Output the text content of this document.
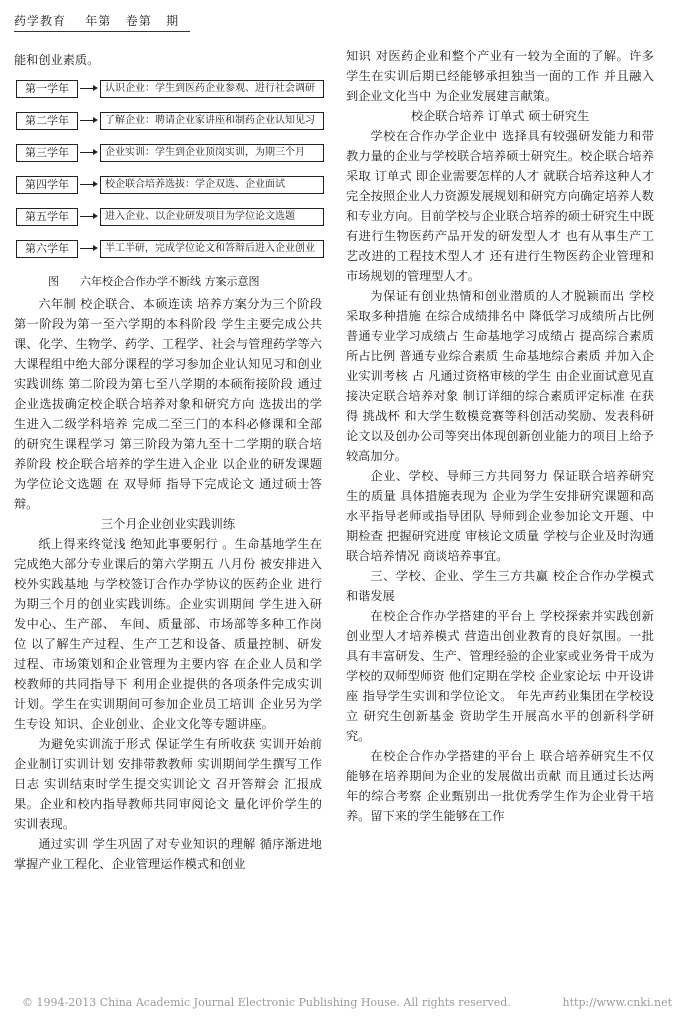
药学教育    年第   卷第   期

能和创业素质。

第一学年	认识企业：学生到医药企业参观、进行社会调研
第二学年	了解企业：聘请企业家讲座和制药企业认知见习
第三学年	企业实训：学生到企业顶岗实训，为期三个月
第四学年	校企联合培养选拔：学企双选、企业面试
第五学年	进入企业、以企业研发项目为学位论文选题
第六学年	半工半研，完成学位论文和答辩后进入企业创业
图      六年校企合作办学不断线 方案示意图

六年制 校企联合、本硕连读 培养方案分为三个阶段 第一阶段为第一至六学期的本科阶段 学生主要完成公共课、化学、生物学、药学、工程学、社会与管理药学等六大课程组中绝大部分课程的学习参加企业认知见习和创业实践训练 第二阶段为第七至八学期的本硕衔接阶段 通过企业选拔确定校企联合培养对象和研究方向 选拔出的学生进入二级学科培养 完成二至三门的本科必修课和全部的研究生课程学习 第三阶段为第九至十二学期的联合培养阶段 校企联合培养的学生进入企业 以企业的研发课题为学位论文选题 在 双导师 指导下完成论文 通过硕士答辩。

三个月企业创业实践训练

纸上得来终觉浅 绝知此事要躬行 。生命基地学生在完成绝大部分专业课后的第六学期五 八月份 被安排进入校外实践基地 与学校签订合作办学协议的医药企业 进行为期三个月的创业实践训练。企业实训期间 学生进入研发中心、生产部、 车间、质量部、市场部等多种工作岗位 以了解生产过程、生产工艺和设备、质量控制、研发过程、市场策划和企业管理为主要内容 在企业人员和学校教师的共同指导下 利用企业提供的各项条件完成实训计划。学生在实训期间可参加企业员工培训 企业另为学生专设 知识、企业创业、企业文化等专题讲座。

为避免实训流于形式 保证学生有所收获 实训开始前 企业制订实训计划 安排带教教师 实训期间学生撰写工作日志 实训结束时学生提交实训论文 召开答辩会 汇报成果。企业和校内指导教师共同审阅论文 量化评价学生的实训表现。

通过实训 学生巩固了对专业知识的理解 循序渐进地掌握产业工程化、企业管理运作模式和创业

知识 对医药企业和整个产业有一较为全面的了解。许多学生在实训后期已经能够承担独当一面的工作 并且融入到企业文化当中 为企业发展建言献策。

校企联合培养 订单式 硕士研究生

学校在合作办学企业中 选择具有较强研发能力和带教力量的企业与学校联合培养硕士研究生。校企联合培养采取 订单式 即企业需要怎样的人才 就联合培养这种人才 完全按照企业人力资源发展规划和研究方向确定培养人数和专业方向。目前学校与企业联合培养的硕士研究生中既有进行生物医药产品开发的研发型人才 也有从事生产工艺改进的工程技术型人才 还有进行生物医药企业管理和市场规划的管理型人才。

为保证有创业热情和创业潜质的人才脱颖而出 学校采取多种措施 在综合成绩排名中 降低学习成绩所占比例 普通专业学习成绩占 生命基地学习成绩占 提高综合素质所占比例 普通专业综合素质 生命基地综合素质 并加入企业实训考核 占 凡通过资格审核的学生 由企业面试意见直接决定联合培养对象 制订详细的综合素质评定标准 在获得 挑战杯 和大学生数模竞赛等科创活动奖励、发表科研论文以及创办公司等突出体现创新创业能力的项目上给予较高加分。

企业、学校、导师三方共同努力 保证联合培养研究生的质量 具体措施表现为 企业为学生安排研究课题和高水平指导老师或指导团队 导师到企业参加论文开题、中期检查 把握研究进度 审核论文质量 学校与企业及时沟通联合培养情况 商谈培养事宜。

三、学校、企业、学生三方共赢 校企合作办学模式和谐发展

在校企合作办学搭建的平台上 学校探索并实践创新创业型人才培养模式 营造出创业教育的良好氛围。一批具有丰富研发、生产、管理经验的企业家或业务骨干成为学校的双师型师资 他们定期在学校 企业家论坛 中开设讲座 指导学生实训和学位论文。 年先声药业集团在学校设立 研究生创新基金 资助学生开展高水平的创新科学研究。

在校企合作办学搭建的平台上 联合培养研究生不仅能够在培养期间为企业的发展做出贡献 而且通过长达两年的综合考察 企业甄别出一批优秀学生作为企业骨干培养。留下来的学生能够在工作

© 1994-2013 China Academic Journal Electronic Publishing House. All rights reserved.	http://www.cnki.net
